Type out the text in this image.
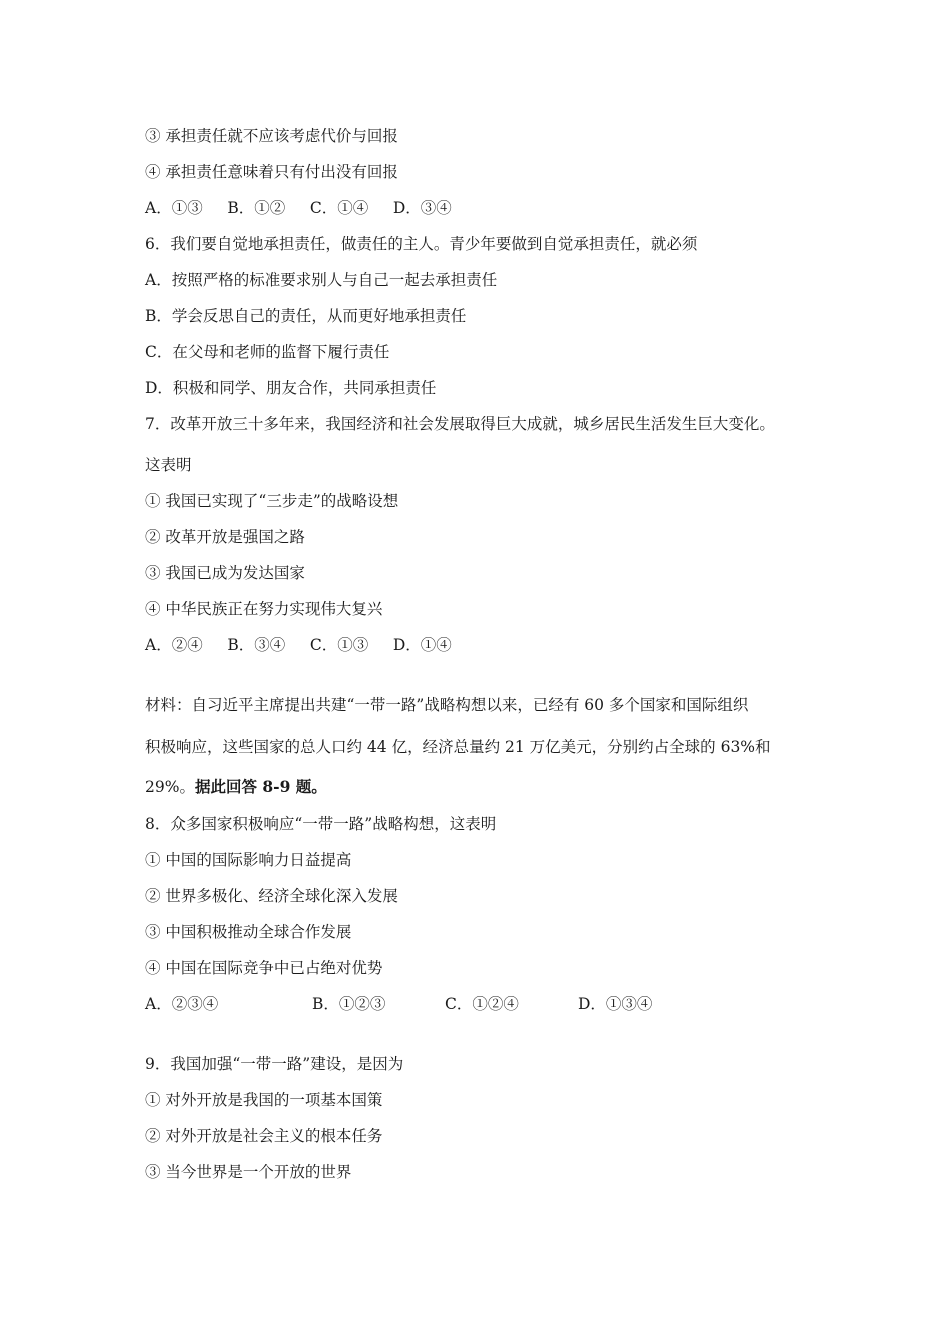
③ 承担责任就不应该考虑代价与回报
④ 承担责任意味着只有付出没有回报
A．①③     B．①②     C．①④     D．③④
6．我们要自觉地承担责任，做责任的主人。青少年要做到自觉承担责任，就必须
A．按照严格的标准要求别人与自己一起去承担责任
B．学会反思自己的责任，从而更好地承担责任
C．在父母和老师的监督下履行责任
D．积极和同学、朋友合作，共同承担责任
7．改革开放三十多年来，我国经济和社会发展取得巨大成就，城乡居民生活发生巨大变化。
这表明
① 我国已实现了“三步走”的战略设想
② 改革开放是强国之路
③ 我国已成为发达国家
④ 中华民族正在努力实现伟大复兴
A．②④     B．③④     C．①③     D．①④
材料：自习近平主席提出共建“一带一路”战略构想以来，已经有 60 多个国家和国际组织
积极响应，这些国家的总人口约 44 亿，经济总量约 21 万亿美元，分别约占全球的 63%和
29%。据此回答 8-9 题。
8．众多国家积极响应“一带一路”战略构想，这表明
① 中国的国际影响力日益提高
② 世界多极化、经济全球化深入发展
③ 中国积极推动全球合作发展
④ 中国在国际竞争中已占绝对优势
A．②③④	B．①②③	C．①②④	D．①③④
9．我国加强“一带一路”建设，是因为
① 对外开放是我国的一项基本国策
② 对外开放是社会主义的根本任务
③ 当今世界是一个开放的世界
